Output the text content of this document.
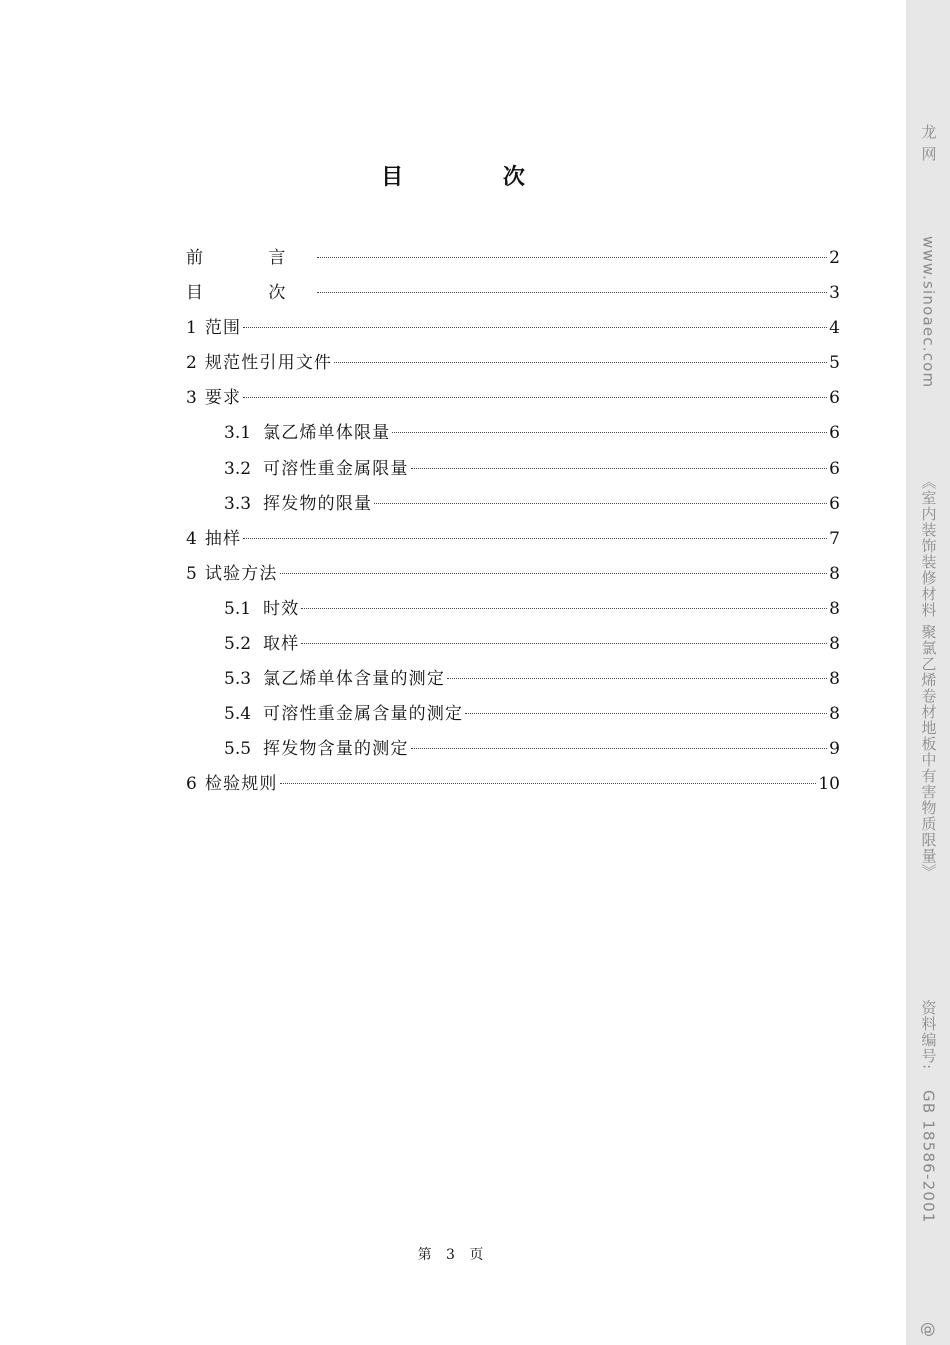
目 次
前 言	2
目 次	3
1 范围	4
2 规范性引用文件	5
3 要求	6
3.1 氯乙烯单体限量	6
3.2 可溶性重金属限量	6
3.3 挥发物的限量	6
4 抽样	7
5 试验方法	8
5.1 时效	8
5.2 取样	8
5.3 氯乙烯单体含量的测定	8
5.4 可溶性重金属含量的测定	8
5.5 挥发物含量的测定	9
6 检验规则	10
第 3 页
龙 网
www.sinoaec.com
《室内装饰装修材料 聚氯乙烯卷材地板中有害物质限量》
资料编号:
GB 18586-2001
@
